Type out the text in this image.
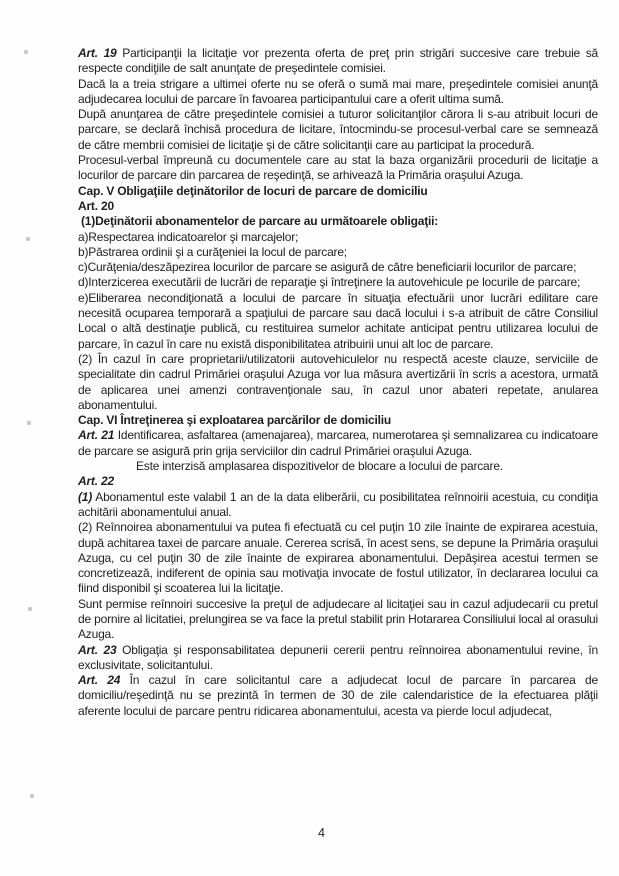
Art. 19 Participanţii la licitaţie vor prezenta oferta de preţ prin strigări succesive care trebuie să respecte condiţiile de salt anunţate de preşedintele comisiei.

Dacă la a treia strigare a ultimei oferte nu se oferă o sumă mai mare, preşedintele comisiei anunţă adjudecarea locului de parcare în favoarea participantului care a oferit ultima sumă.

După anunţarea de către preşedintele comisiei a tuturor solicitanţilor cărora li s-au atribuit locuri de parcare, se declară închisă procedura de licitare, întocmindu-se procesul-verbal care se semnează de către membrii comisiei de licitaţie şi de către solicitanţii care au participat la procedură.

Procesul-verbal împreună cu documentele care au stat la baza organizării procedurii de licitaţie a locurilor de parcare din parcarea de reşedinţă, se arhivează la Primăria oraşului Azuga.

Cap. V Obligaţiile deţinătorilor de locuri de parcare de domiciliu

Art. 20

(1)Deţinătorii abonamentelor de parcare au următoarele obligaţii:

a)Respectarea indicatoarelor şi marcajelor;

b)Păstrarea ordinii şi a curăţeniei la locul de parcare;

c)Curăţenia/deszăpezirea locurilor de parcare se asigură de către beneficiarii locurilor de parcare;

d)Interzicerea executării de lucrări de reparaţie şi întreţinere la autovehicule pe locurile de parcare;

e)Eliberarea necondiţionată a locului de parcare în situaţia efectuării unor lucrări edilitare care necesită ocuparea temporară a spaţiului de parcare sau dacă locului i s-a atribuit de către Consiliul Local o altă destinaţie publică, cu restituirea sumelor achitate anticipat pentru utilizarea locului de parcare, în cazul în care nu există disponibilitatea atribuirii unui alt loc de parcare.

(2) În cazul în care proprietarii/utilizatorii autovehiculelor nu respectă aceste clauze, serviciile de specialitate din cadrul Primăriei oraşului Azuga vor lua măsura avertizării în scris a acestora, urmată de aplicarea unei amenzi contravenţionale sau, în cazul unor abateri repetate, anularea abonamentului.

Cap. VI Întreţinerea şi exploatarea parcărilor de domiciliu

Art. 21 Identificarea, asfaltarea (amenajarea), marcarea, numerotarea şi semnalizarea cu indicatoare de parcare se asigură prin grija serviciilor din cadrul Primăriei oraşului Azuga.

Este interzisă amplasarea dispozitivelor de blocare a locului de parcare.

Art. 22

(1) Abonamentul este valabil 1 an de la data eliberării, cu posibilitatea reînnoirii acestuia, cu condiţia achitării abonamentului anual.

(2) Reînnoirea abonamentului va putea fi efectuată cu cel puţin 10 zile înainte de expirarea acestuia, după achitarea taxei de parcare anuale. Cererea scrisă, în acest sens, se depune la Primăria oraşului Azuga, cu cel puţin 30 de zile înainte de expirarea abonamentului. Depăşirea acestui termen se concretizează, indiferent de opinia sau motivaţia invocate de fostul utilizator, în declararea locului ca fiind disponibil şi scoaterea lui la licitaţie.

Sunt permise reînnoiri succesive la preţul de adjudecare al licitaţiei sau in cazul adjudecarii cu pretul de pornire al licitatiei, prelungirea se va face la pretul stabilit prin Hotararea Consiliului local al orasului Azuga.

Art. 23 Obligaţia şi responsabilitatea depunerii cererii pentru reînnoirea abonamentului revine, în exclusivitate, solicitantului.

Art. 24 În cazul în care solicitantul care a adjudecat locul de parcare în parcarea de domiciliu/reşedinţă nu se prezintă în termen de 30 de zile calendaristice de la efectuarea plăţii aferente locului de parcare pentru ridicarea abonamentului, acesta va pierde locul adjudecat,

4
